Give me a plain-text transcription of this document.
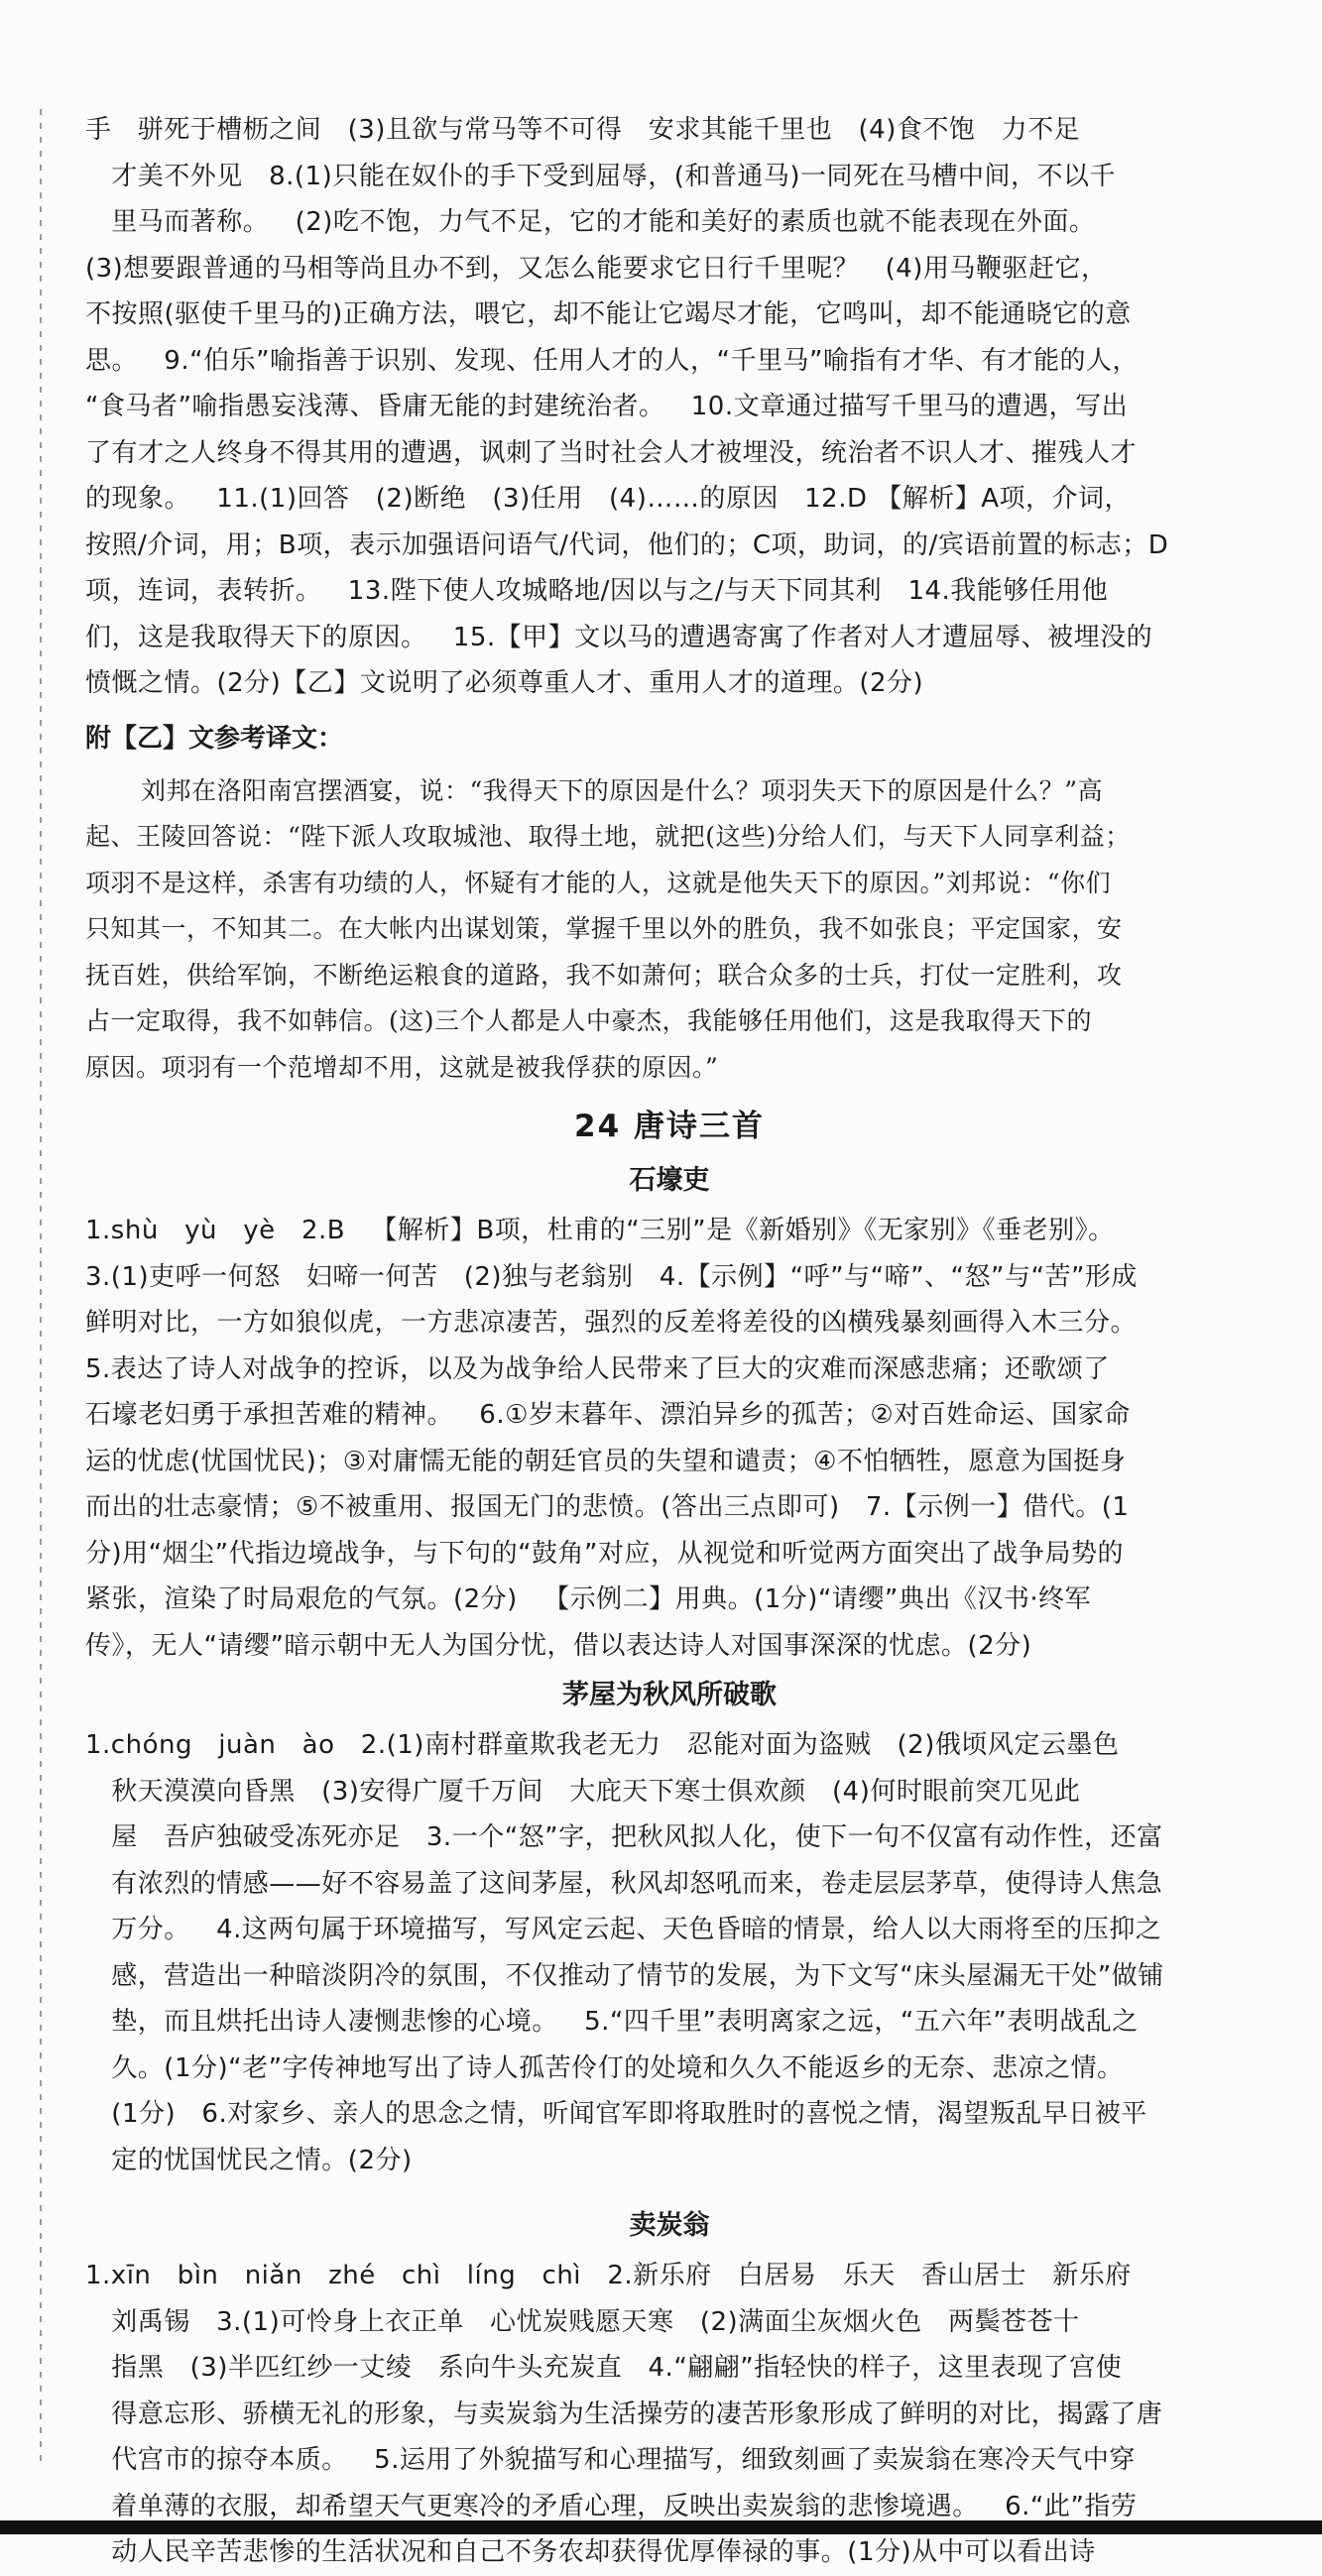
手   骈死于槽枥之间   (3)且欲与常马等不可得   安求其能千里也   (4)食不饱   力不足

才美不外见   8.(1)只能在奴仆的手下受到屈辱，(和普通马)一同死在马槽中间，不以千

里马而著称。   (2)吃不饱，力气不足，它的才能和美好的素质也就不能表现在外面。

(3)想要跟普通的马相等尚且办不到，又怎么能要求它日行千里呢？   (4)用马鞭驱赶它，

不按照(驱使千里马的)正确方法，喂它，却不能让它竭尽才能，它鸣叫，却不能通晓它的意

思。   9.“伯乐”喻指善于识别、发现、任用人才的人，“千里马”喻指有才华、有才能的人，

“食马者”喻指愚妄浅薄、昏庸无能的封建统治者。   10.文章通过描写千里马的遭遇，写出

了有才之人终身不得其用的遭遇，讽刺了当时社会人才被埋没，统治者不识人才、摧残人才

的现象。   11.(1)回答   (2)断绝   (3)任用   (4)……的原因   12.D 【解析】A项，介词，

按照/介词，用；B项，表示加强语问语气/代词，他们的；C项，助词，的/宾语前置的标志；D

项，连词，表转折。   13.陛下使人攻城略地/因以与之/与天下同其利   14.我能够任用他

们，这是我取得天下的原因。   15.【甲】文以马的遭遇寄寓了作者对人才遭屈辱、被埋没的

愤慨之情。(2分)【乙】文说明了必须尊重人才、重用人才的道理。(2分)

附【乙】文参考译文：

刘邦在洛阳南宫摆酒宴，说：“我得天下的原因是什么？项羽失天下的原因是什么？”高

起、王陵回答说：“陛下派人攻取城池、取得土地，就把(这些)分给人们，与天下人同享利益；

项羽不是这样，杀害有功绩的人，怀疑有才能的人，这就是他失天下的原因。”刘邦说：“你们

只知其一，不知其二。在大帐内出谋划策，掌握千里以外的胜负，我不如张良；平定国家，安

抚百姓，供给军饷，不断绝运粮食的道路，我不如萧何；联合众多的士兵，打仗一定胜利，攻

占一定取得，我不如韩信。(这)三个人都是人中豪杰，我能够任用他们，这是我取得天下的

原因。项羽有一个范增却不用，这就是被我俘获的原因。”

24 唐诗三首
石壕吏

1.shù   yù   yè   2.B   【解析】B项，杜甫的“三别”是《新婚别》《无家别》《垂老别》。

3.(1)吏呼一何怒   妇啼一何苦   (2)独与老翁别   4.【示例】“呼”与“啼”、“怒”与“苦”形成

鲜明对比，一方如狼似虎，一方悲凉凄苦，强烈的反差将差役的凶横残暴刻画得入木三分。

5.表达了诗人对战争的控诉，以及为战争给人民带来了巨大的灾难而深感悲痛；还歌颂了

石壕老妇勇于承担苦难的精神。   6.①岁末暮年、漂泊异乡的孤苦；②对百姓命运、国家命

运的忧虑(忧国忧民)；③对庸懦无能的朝廷官员的失望和谴责；④不怕牺牲，愿意为国挺身

而出的壮志豪情；⑤不被重用、报国无门的悲愤。(答出三点即可)   7.【示例一】借代。(1

分)用“烟尘”代指边境战争，与下句的“鼓角”对应，从视觉和听觉两方面突出了战争局势的

紧张，渲染了时局艰危的气氛。(2分)   【示例二】用典。(1分)“请缨”典出《汉书·终军

传》，无人“请缨”暗示朝中无人为国分忧，借以表达诗人对国事深深的忧虑。(2分)

茅屋为秋风所破歌

1.chóng   juàn   ào   2.(1)南村群童欺我老无力   忍能对面为盗贼   (2)俄顷风定云墨色

秋天漠漠向昏黑   (3)安得广厦千万间   大庇天下寒士俱欢颜   (4)何时眼前突兀见此

屋   吾庐独破受冻死亦足   3.一个“怒”字，把秋风拟人化，使下一句不仅富有动作性，还富

有浓烈的情感——好不容易盖了这间茅屋，秋风却怒吼而来，卷走层层茅草，使得诗人焦急

万分。   4.这两句属于环境描写，写风定云起、天色昏暗的情景，给人以大雨将至的压抑之

感，营造出一种暗淡阴冷的氛围，不仅推动了情节的发展，为下文写“床头屋漏无干处”做铺

垫，而且烘托出诗人凄恻悲惨的心境。   5.“四千里”表明离家之远，“五六年”表明战乱之

久。(1分)“老”字传神地写出了诗人孤苦伶仃的处境和久久不能返乡的无奈、悲凉之情。

(1分)   6.对家乡、亲人的思念之情，听闻官军即将取胜时的喜悦之情，渴望叛乱早日被平

定的忧国忧民之情。(2分)

卖炭翁

1.xīn   bìn   niǎn   zhé   chì   líng   chì   2.新乐府   白居易   乐天   香山居士   新乐府

刘禹锡   3.(1)可怜身上衣正单   心忧炭贱愿天寒   (2)满面尘灰烟火色   两鬓苍苍十

指黑   (3)半匹红纱一丈绫   系向牛头充炭直   4.“翩翩”指轻快的样子，这里表现了宫使

得意忘形、骄横无礼的形象，与卖炭翁为生活操劳的凄苦形象形成了鲜明的对比，揭露了唐

代宫市的掠夺本质。   5.运用了外貌描写和心理描写，细致刻画了卖炭翁在寒冷天气中穿

着单薄的衣服，却希望天气更寒冷的矛盾心理，反映出卖炭翁的悲惨境遇。   6.“此”指劳

动人民辛苦悲惨的生活状况和自己不务农却获得优厚俸禄的事。(1分)从中可以看出诗
